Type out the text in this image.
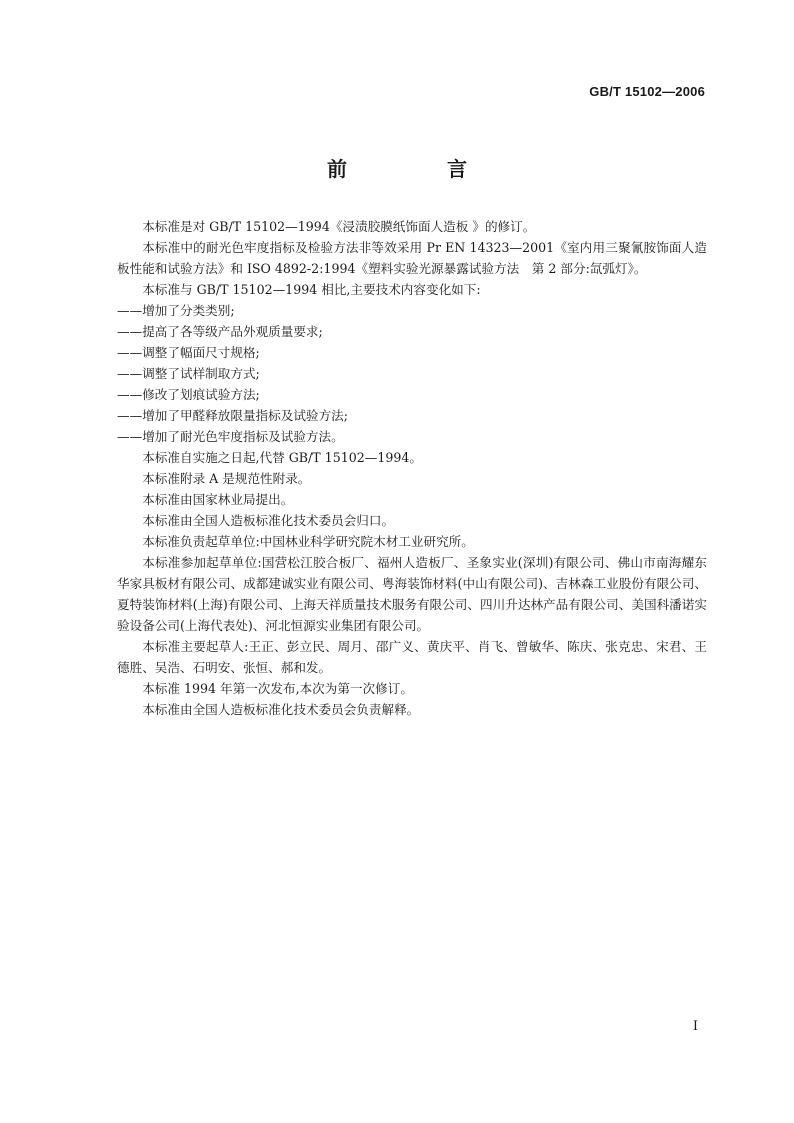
GB/T 15102—2006
前　言

本标准是对 GB/T 15102—1994《浸渍胶膜纸饰面人造板 》的修订。

本标准中的耐光色牢度指标及检验方法非等效采用 Pr EN 14323—2001《室内用三聚氰胺饰面人造板性能和试验方法》和 ISO 4892-2:1994《塑料实验光源暴露试验方法　第 2 部分:氙弧灯》。

本标准与 GB/T 15102—1994 相比,主要技术内容变化如下:

——增加了分类类别;

——提高了各等级产品外观质量要求;

——调整了幅面尺寸规格;

——调整了试样制取方式;

——修改了划痕试验方法;

——增加了甲醛释放限量指标及试验方法;

——增加了耐光色牢度指标及试验方法。

本标准自实施之日起,代替 GB/T 15102—1994。

本标准附录 A 是规范性附录。

本标准由国家林业局提出。

本标准由全国人造板标准化技术委员会归口。

本标准负责起草单位:中国林业科学研究院木材工业研究所。

本标准参加起草单位:国营松江胶合板厂、福州人造板厂、圣象实业(深圳)有限公司、佛山市南海耀东华家具板材有限公司、成都建诚实业有限公司、粤海装饰材料(中山有限公司)、吉林森工业股份有限公司、夏特装饰材料(上海)有限公司、上海天祥质量技术服务有限公司、四川升达林产品有限公司、美国科潘诺实验设备公司(上海代表处)、河北恒源实业集团有限公司。

本标准主要起草人:王正、彭立民、周月、邵广义、黄庆平、肖飞、曾敏华、陈庆、张克忠、宋君、王德胜、吴浩、石明安、张恒、郝和发。

本标准 1994 年第一次发布,本次为第一次修订。

本标准由全国人造板标准化技术委员会负责解释。

I
